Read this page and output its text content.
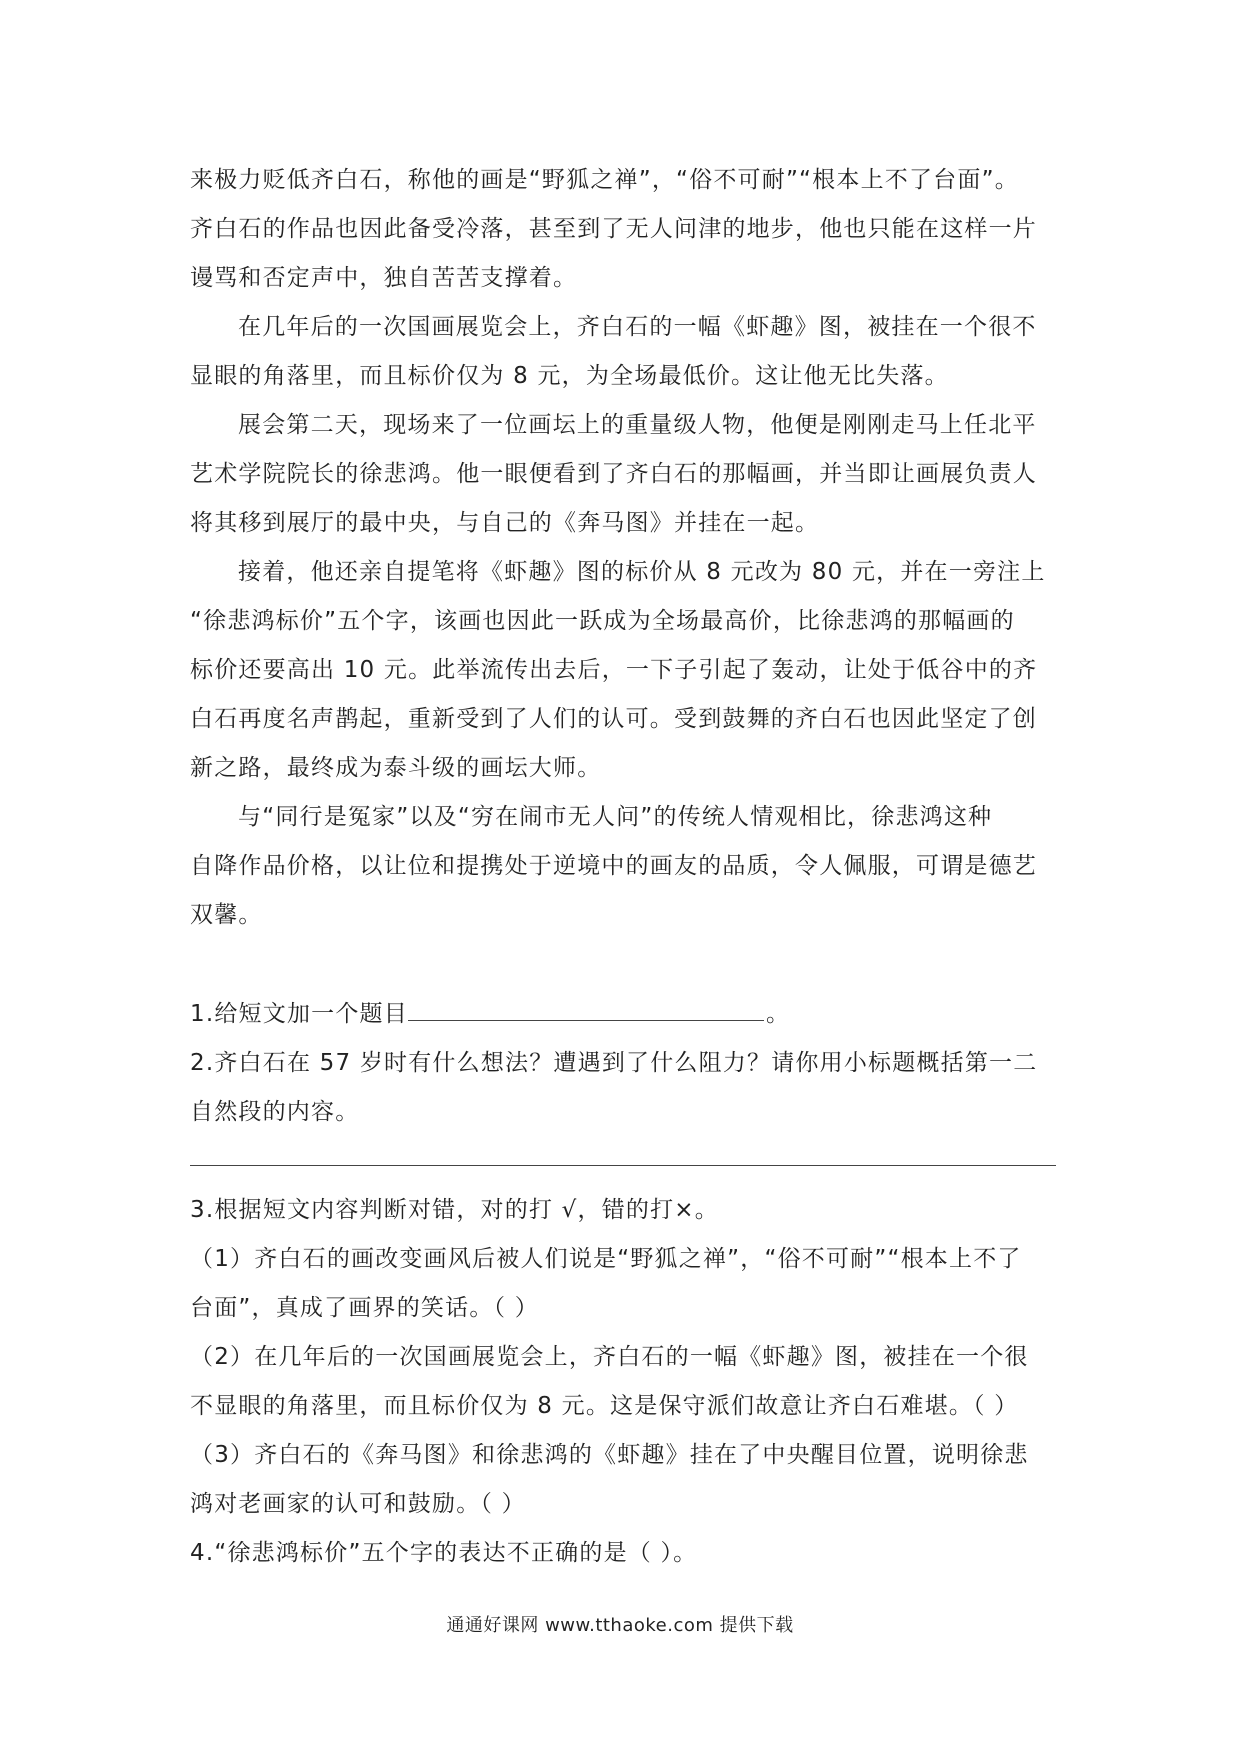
来极力贬低齐白石，称他的画是“野狐之禅”，“俗不可耐”“根本上不了台面”。
齐白石的作品也因此备受冷落，甚至到了无人问津的地步，他也只能在这样一片
谩骂和否定声中，独自苦苦支撑着。
在几年后的一次国画展览会上，齐白石的一幅《虾趣》图，被挂在一个很不
显眼的角落里，而且标价仅为 8 元，为全场最低价。这让他无比失落。
展会第二天，现场来了一位画坛上的重量级人物，他便是刚刚走马上任北平
艺术学院院长的徐悲鸿。他一眼便看到了齐白石的那幅画，并当即让画展负责人
将其移到展厅的最中央，与自己的《奔马图》并挂在一起。
接着，他还亲自提笔将《虾趣》图的标价从 8 元改为 80 元，并在一旁注上
“徐悲鸿标价”五个字，该画也因此一跃成为全场最高价，比徐悲鸿的那幅画的
标价还要高出 10 元。此举流传出去后，一下子引起了轰动，让处于低谷中的齐
白石再度名声鹊起，重新受到了人们的认可。受到鼓舞的齐白石也因此坚定了创
新之路，最终成为泰斗级的画坛大师。
与“同行是冤家”以及“穷在闹市无人问”的传统人情观相比，徐悲鸿这种
自降作品价格，以让位和提携处于逆境中的画友的品质，令人佩服，可谓是德艺
双馨。
1.给短文加一个题目	。
2.齐白石在 57 岁时有什么想法？遭遇到了什么阻力？请你用小标题概括第一二
自然段的内容。
3.根据短文内容判断对错，对的打 √，错的打×。
（1）齐白石的画改变画风后被人们说是“野狐之禅”，“俗不可耐”“根本上不了
台面”，真成了画界的笑话。（ ）
（2）在几年后的一次国画展览会上，齐白石的一幅《虾趣》图，被挂在一个很
不显眼的角落里，而且标价仅为 8 元。这是保守派们故意让齐白石难堪。（ ）
（3）齐白石的《奔马图》和徐悲鸿的《虾趣》挂在了中央醒目位置，说明徐悲
鸿对老画家的认可和鼓励。（ ）
4.“徐悲鸿标价”五个字的表达不正确的是（ ）。
通通好课网 www.tthaoke.com 提供下载
